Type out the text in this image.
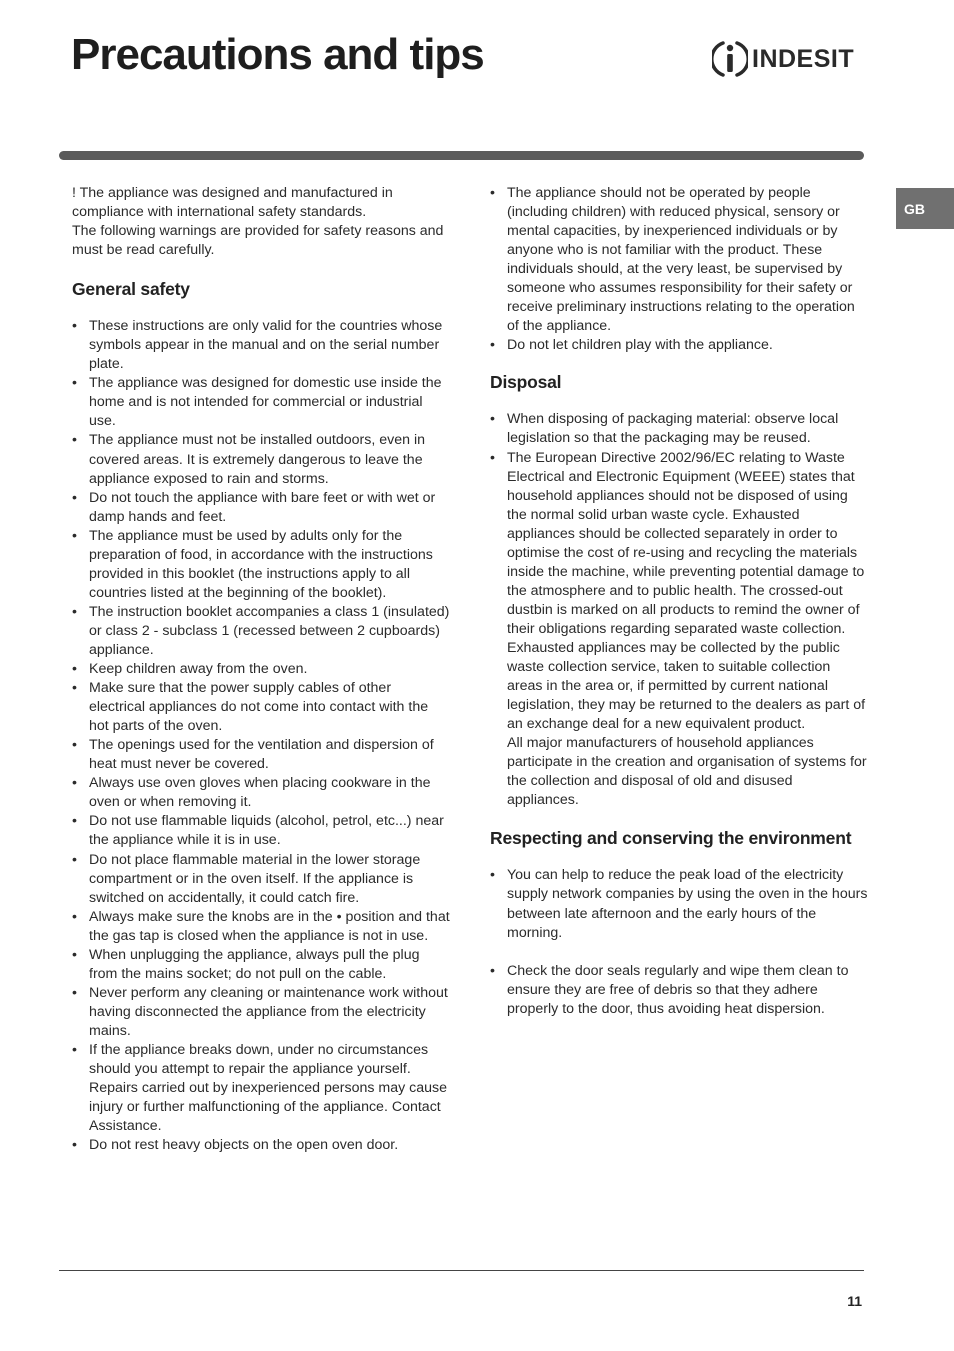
Precautions and tips	INDESIT
GB

! The appliance was designed and manufactured in compliance with international safety standards.

The following warnings are provided for safety reasons and must be read carefully.

General safety
• These instructions are only valid for the countries whose symbols appear in the manual and on the serial number plate.
• The appliance was designed for domestic use inside the home and is not intended for commercial or industrial use.
• The appliance must not be installed outdoors, even in covered areas. It is extremely dangerous to leave the appliance exposed to rain and storms.
• Do not touch the appliance with bare feet or with wet or damp hands and feet.
• The appliance must be used by adults only for the preparation of food, in accordance with the instructions provided in this booklet (the instructions apply to all countries listed at the beginning of the booklet).
• The instruction booklet accompanies a class 1 (insulated) or class 2 - subclass 1 (recessed between 2 cupboards) appliance.
• Keep children away from the oven.
• Make sure that the power supply cables of other electrical appliances do not come into contact with the hot parts of the oven.
• The openings used for the ventilation and dispersion of heat must never be covered.
• Always use oven gloves when placing cookware in the oven or when removing it.
• Do not use flammable liquids (alcohol, petrol, etc...) near the appliance while it is in use.
• Do not place flammable material in the lower storage compartment or in the oven itself. If the appliance is switched on accidentally, it could catch fire.
• Always make sure the knobs are in the • position and that the gas tap is closed when the appliance is not in use.
• When unplugging the appliance, always pull the plug from the mains socket; do not pull on the cable.
• Never perform any cleaning or maintenance work without having disconnected the appliance from the electricity mains.
• If the appliance breaks down, under no circumstances should you attempt to repair the appliance yourself. Repairs carried out by inexperienced persons may cause injury or further malfunctioning of the appliance. Contact Assistance.
• Do not rest heavy objects on the open oven door.
• The appliance should not be operated by people (including children) with reduced physical, sensory or mental capacities, by inexperienced individuals or by anyone who is not familiar with the product. These individuals should, at the very least, be supervised by someone who assumes responsibility for their safety or receive preliminary instructions relating to the operation of the appliance.
• Do not let children play with the appliance.
Disposal
• When disposing of packaging material: observe local legislation so that the packaging may be reused.
• The European Directive 2002/96/EC relating to Waste Electrical and Electronic Equipment (WEEE) states that household appliances should not be disposed of using the normal solid urban waste cycle. Exhausted appliances should be collected separately in order to optimise the cost of re-using and recycling the materials inside the machine, while preventing potential damage to the atmosphere and to public health. The crossed-out dustbin is marked on all products to remind the owner of their obligations regarding separated waste collection.

Exhausted appliances may be collected by the public waste collection service, taken to suitable collection areas in the area or, if permitted by current national legislation, they may be returned to the dealers as part of an exchange deal for a new equivalent product.

All major manufacturers of household appliances participate in the creation and organisation of systems for the collection and disposal of old and disused appliances.

Respecting and conserving the environment
• You can help to reduce the peak load of the electricity supply network companies by using the oven in the hours between late afternoon and the early hours of the morning.
• Check the door seals regularly and wipe them clean to ensure they are free of debris so that they adhere properly to the door, thus avoiding heat dispersion.
11
